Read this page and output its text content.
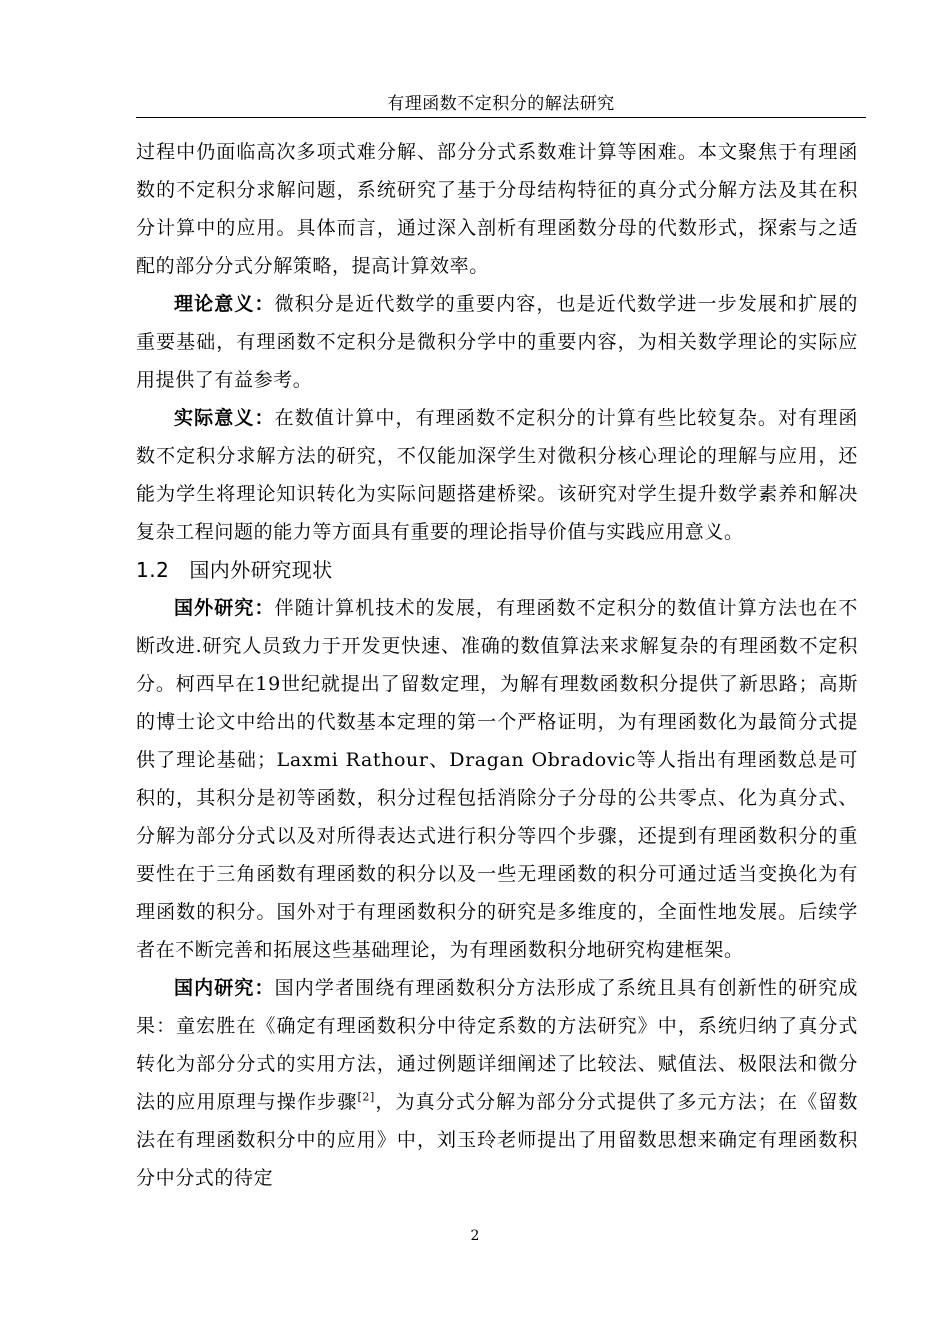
有理函数不定积分的解法研究

过程中仍面临高次多项式难分解、部分分式系数难计算等困难。本文聚焦于有理函数的不定积分求解问题，系统研究了基于分母结构特征的真分式分解方法及其在积分计算中的应用。具体而言，通过深入剖析有理函数分母的代数形式，探索与之适配的部分分式分解策略，提高计算效率。

理论意义：微积分是近代数学的重要内容，也是近代数学进一步发展和扩展的重要基础，有理函数不定积分是微积分学中的重要内容，为相关数学理论的实际应用提供了有益参考。

实际意义：在数值计算中，有理函数不定积分的计算有些比较复杂。对有理函数不定积分求解方法的研究，不仅能加深学生对微积分核心理论的理解与应用，还能为学生将理论知识转化为实际问题搭建桥梁。该研究对学生提升数学素养和解决复杂工程问题的能力等方面具有重要的理论指导价值与实践应用意义。

1.2 国内外研究现状

国外研究：伴随计算机技术的发展，有理函数不定积分的数值计算方法也在不断改进.研究人员致力于开发更快速、准确的数值算法来求解复杂的有理函数不定积分。柯西早在19世纪就提出了留数定理，为解有理数函数积分提供了新思路；高斯的博士论文中给出的代数基本定理的第一个严格证明，为有理函数化为最简分式提供了理论基础；Laxmi Rathour、Dragan Obradovic等人指出有理函数总是可积的，其积分是初等函数，积分过程包括消除分子分母的公共零点、化为真分式、分解为部分分式以及对所得表达式进行积分等四个步骤，还提到有理函数积分的重要性在于三角函数有理函数的积分以及一些无理函数的积分可通过适当变换化为有理函数的积分。国外对于有理函数积分的研究是多维度的，全面性地发展。后续学者在不断完善和拓展这些基础理论，为有理函数积分地研究构建框架。

国内研究：国内学者围绕有理函数积分方法形成了系统且具有创新性的研究成果：童宏胜在《确定有理函数积分中待定系数的方法研究》中，系统归纳了真分式转化为部分分式的实用方法，通过例题详细阐述了比较法、赋值法、极限法和微分法的应用原理与操作步骤[2]，为真分式分解为部分分式提供了多元方法；在《留数法在有理函数积分中的应用》中，刘玉玲老师提出了用留数思想来确定有理函数积分中分式的待定

2
